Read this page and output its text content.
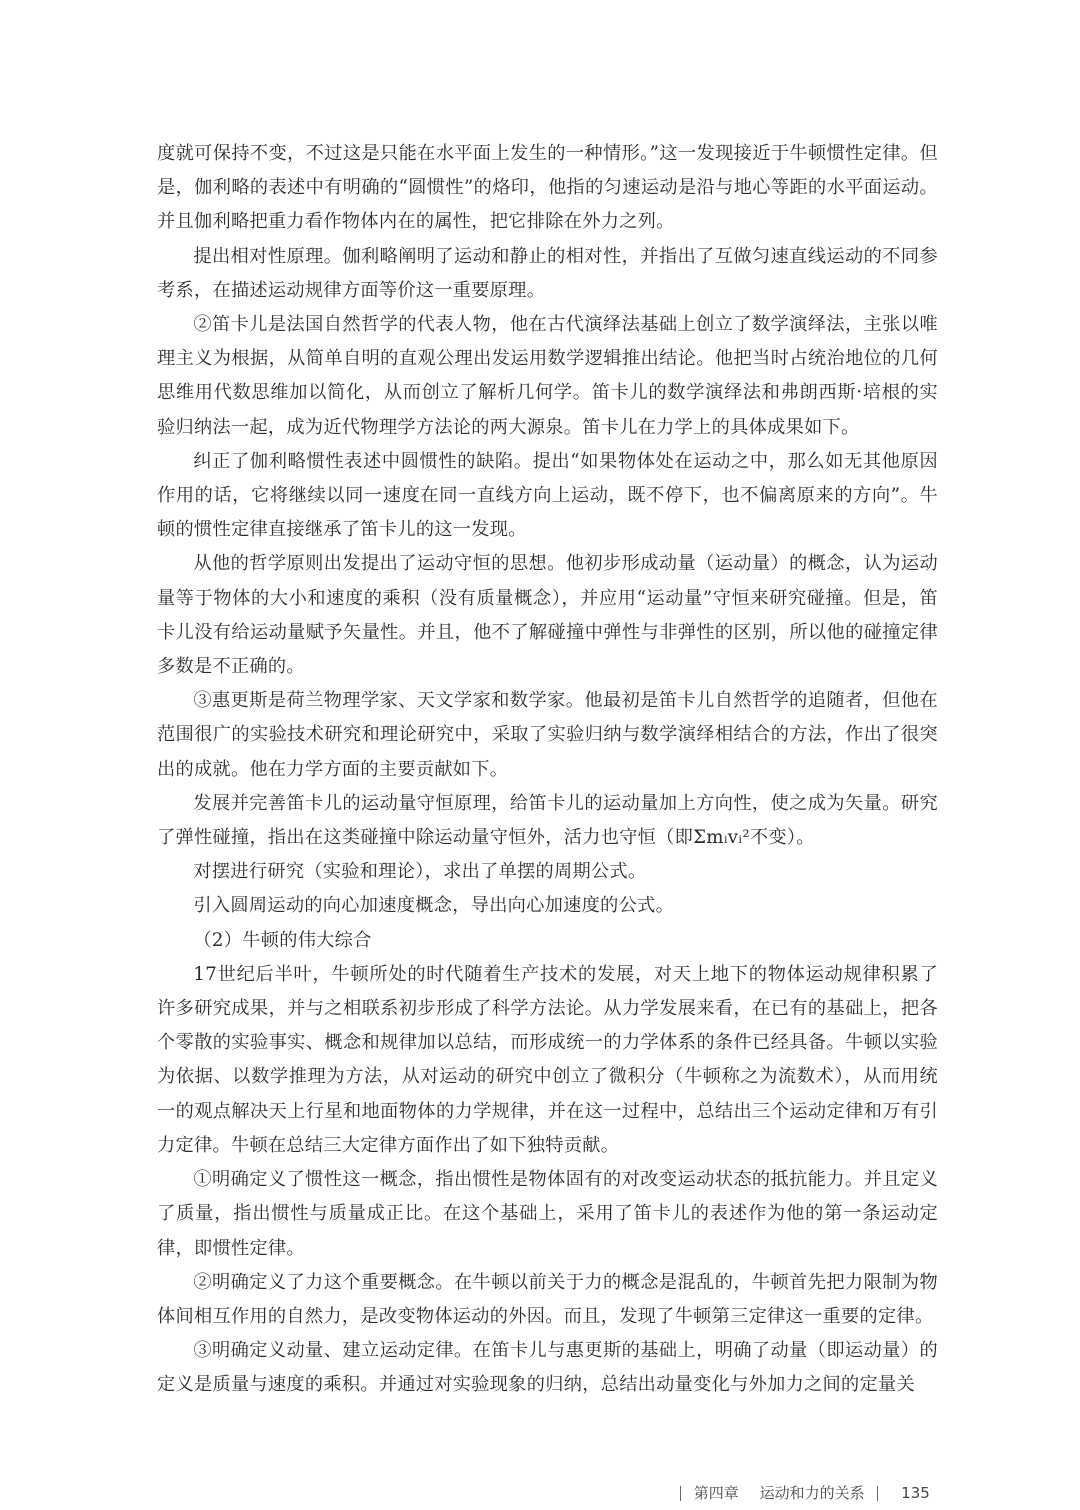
度就可保持不变，不过这是只能在水平面上发生的一种情形。”这一发现接近于牛顿惯性定律。但是，伽利略的表述中有明确的“圆惯性”的烙印，他指的匀速运动是沿与地心等距的水平面运动。并且伽利略把重力看作物体内在的属性，把它排除在外力之列。

提出相对性原理。伽利略阐明了运动和静止的相对性，并指出了互做匀速直线运动的不同参考系，在描述运动规律方面等价这一重要原理。

②笛卡儿是法国自然哲学的代表人物，他在古代演绎法基础上创立了数学演绎法，主张以唯理主义为根据，从简单自明的直观公理出发运用数学逻辑推出结论。他把当时占统治地位的几何思维用代数思维加以简化，从而创立了解析几何学。笛卡儿的数学演绎法和弗朗西斯·培根的实验归纳法一起，成为近代物理学方法论的两大源泉。笛卡儿在力学上的具体成果如下。

纠正了伽利略惯性表述中圆惯性的缺陷。提出“如果物体处在运动之中，那么如无其他原因作用的话，它将继续以同一速度在同一直线方向上运动，既不停下，也不偏离原来的方向”。牛顿的惯性定律直接继承了笛卡儿的这一发现。

从他的哲学原则出发提出了运动守恒的思想。他初步形成动量（运动量）的概念，认为运动量等于物体的大小和速度的乘积（没有质量概念），并应用“运动量”守恒来研究碰撞。但是，笛卡儿没有给运动量赋予矢量性。并且，他不了解碰撞中弹性与非弹性的区别，所以他的碰撞定律多数是不正确的。

③惠更斯是荷兰物理学家、天文学家和数学家。他最初是笛卡儿自然哲学的追随者，但他在范围很广的实验技术研究和理论研究中，采取了实验归纳与数学演绎相结合的方法，作出了很突出的成就。他在力学方面的主要贡献如下。

发展并完善笛卡儿的运动量守恒原理，给笛卡儿的运动量加上方向性，使之成为矢量。研究了弹性碰撞，指出在这类碰撞中除运动量守恒外，活力也守恒（即Σmᵢvᵢ²不变）。

对摆进行研究（实验和理论），求出了单摆的周期公式。

引入圆周运动的向心加速度概念，导出向心加速度的公式。

（2）牛顿的伟大综合

17世纪后半叶，牛顿所处的时代随着生产技术的发展，对天上地下的物体运动规律积累了许多研究成果，并与之相联系初步形成了科学方法论。从力学发展来看，在已有的基础上，把各个零散的实验事实、概念和规律加以总结，而形成统一的力学体系的条件已经具备。牛顿以实验为依据、以数学推理为方法，从对运动的研究中创立了微积分（牛顿称之为流数术），从而用统一的观点解决天上行星和地面物体的力学规律，并在这一过程中，总结出三个运动定律和万有引力定律。牛顿在总结三大定律方面作出了如下独特贡献。

①明确定义了惯性这一概念，指出惯性是物体固有的对改变运动状态的抵抗能力。并且定义了质量，指出惯性与质量成正比。在这个基础上，采用了笛卡儿的表述作为他的第一条运动定律，即惯性定律。

②明确定义了力这个重要概念。在牛顿以前关于力的概念是混乱的，牛顿首先把力限制为物体间相互作用的自然力，是改变物体运动的外因。而且，发现了牛顿第三定律这一重要的定律。

③明确定义动量、建立运动定律。在笛卡儿与惠更斯的基础上，明确了动量（即运动量）的定义是质量与速度的乘积。并通过对实验现象的归纳，总结出动量变化与外加力之间的定量关

第四章 运动和力的关系 135
